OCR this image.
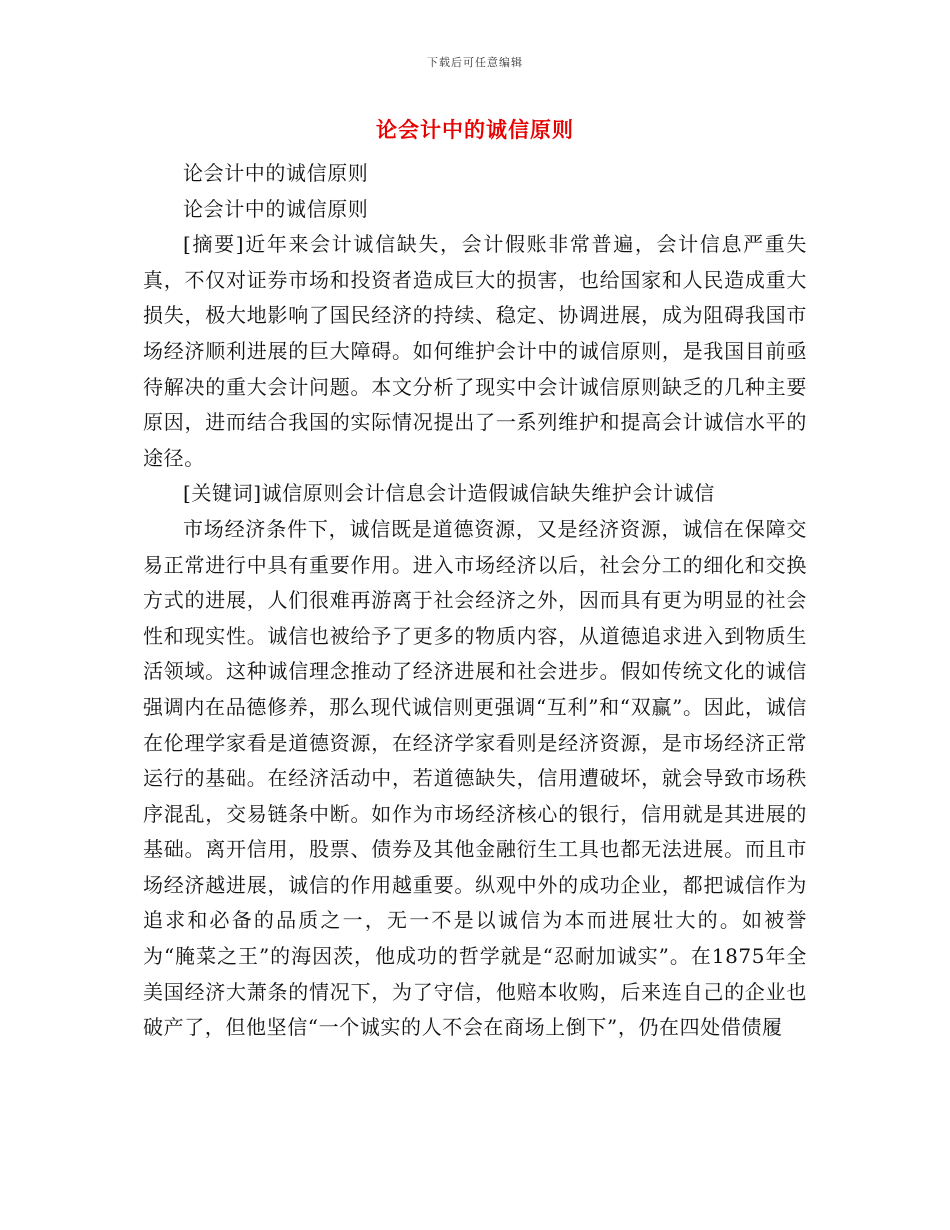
下载后可任意编辑
论会计中的诚信原则

论会计中的诚信原则

论会计中的诚信原则

[摘要]近年来会计诚信缺失，会计假账非常普遍，会计信息严重失真，不仅对证券市场和投资者造成巨大的损害，也给国家和人民造成重大损失，极大地影响了国民经济的持续、稳定、协调进展，成为阻碍我国市场经济顺利进展的巨大障碍。如何维护会计中的诚信原则，是我国目前亟待解决的重大会计问题。本文分析了现实中会计诚信原则缺乏的几种主要原因，进而结合我国的实际情况提出了一系列维护和提高会计诚信水平的途径。

[关键词]诚信原则会计信息会计造假诚信缺失维护会计诚信

市场经济条件下，诚信既是道德资源，又是经济资源，诚信在保障交易正常进行中具有重要作用。进入市场经济以后，社会分工的细化和交换方式的进展，人们很难再游离于社会经济之外，因而具有更为明显的社会性和现实性。诚信也被给予了更多的物质内容，从道德追求进入到物质生活领域。这种诚信理念推动了经济进展和社会进步。假如传统文化的诚信强调内在品德修养，那么现代诚信则更强调“互利”和“双赢”。因此，诚信在伦理学家看是道德资源，在经济学家看则是经济资源，是市场经济正常运行的基础。在经济活动中，若道德缺失，信用遭破坏，就会导致市场秩序混乱，交易链条中断。如作为市场经济核心的银行，信用就是其进展的基础。离开信用，股票、债券及其他金融衍生工具也都无法进展。而且市场经济越进展，诚信的作用越重要。纵观中外的成功企业，都把诚信作为追求和必备的品质之一，无一不是以诚信为本而进展壮大的。如被誉为“腌菜之王”的海因茨，他成功的哲学就是“忍耐加诚实”。在1875年全美国经济大萧条的情况下，为了守信，他赔本收购，后来连自己的企业也破产了，但他坚信“一个诚实的人不会在商场上倒下”，仍在四处借债履
